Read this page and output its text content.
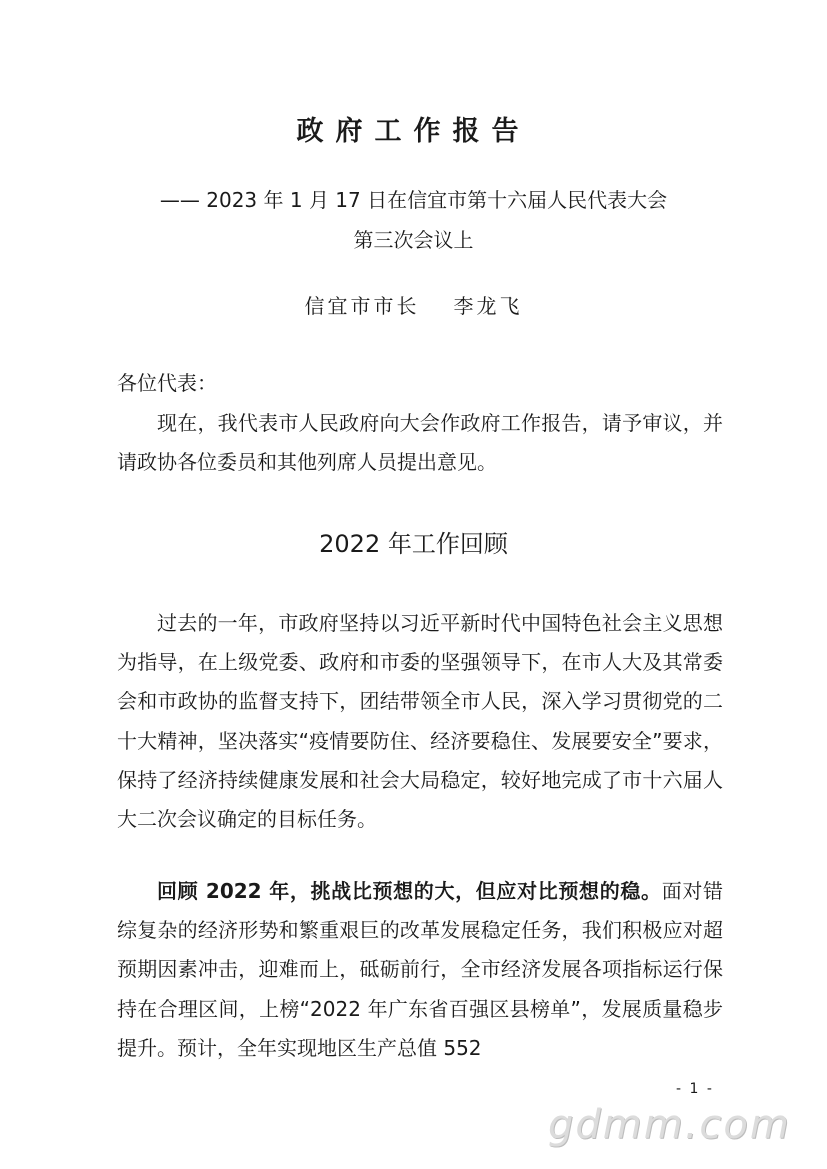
政府工作报告
—— 2023 年 1 月 17 日在信宜市第十六届人民代表大会
第三次会议上
信宜市市长 李龙飞
各位代表：
现在，我代表市人民政府向大会作政府工作报告，请予审议，并请政协各位委员和其他列席人员提出意见。
2022 年工作回顾
过去的一年，市政府坚持以习近平新时代中国特色社会主义思想为指导，在上级党委、政府和市委的坚强领导下，在市人大及其常委会和市政协的监督支持下，团结带领全市人民，深入学习贯彻党的二十大精神，坚决落实“疫情要防住、经济要稳住、发展要安全”要求，保持了经济持续健康发展和社会大局稳定，较好地完成了市十六届人大二次会议确定的目标任务。
回顾 2022 年，挑战比预想的大，但应对比预想的稳。面对错综复杂的经济形势和繁重艰巨的改革发展稳定任务，我们积极应对超预期因素冲击，迎难而上，砥砺前行，全市经济发展各项指标运行保持在合理区间，上榜“2022 年广东省百强区县榜单”，发展质量稳步提升。预计，全年实现地区生产总值 552
- 1 -
gdmm.com
